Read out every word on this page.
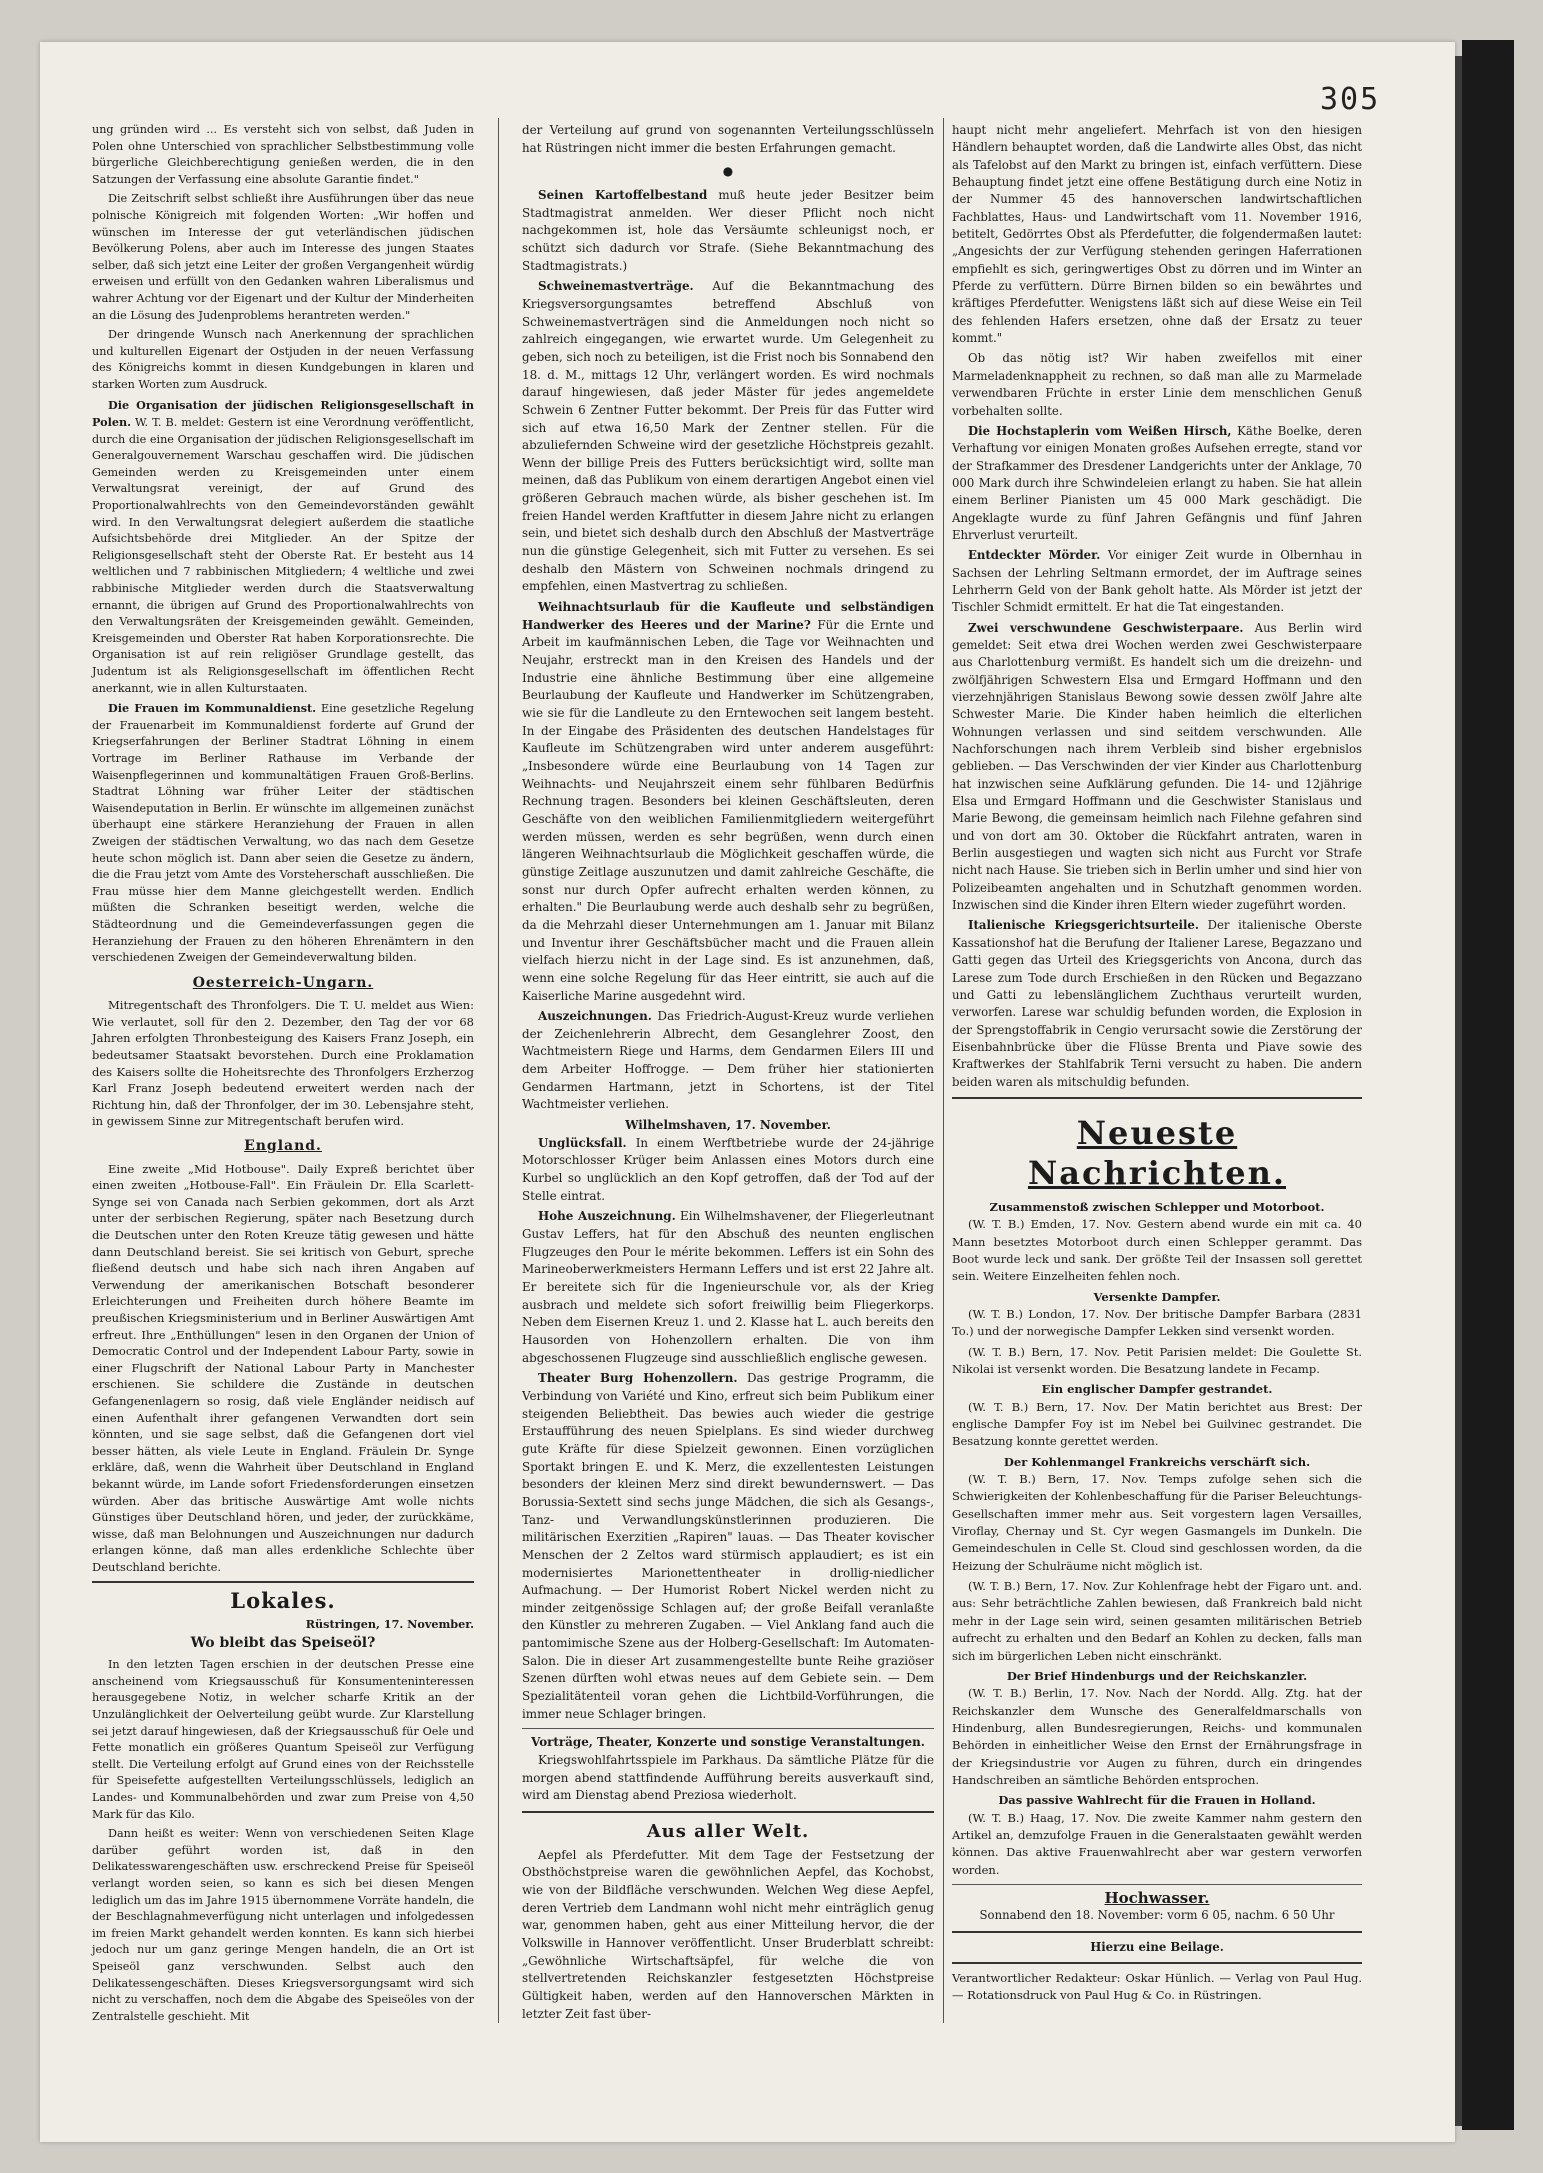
305

ung gründen wird ... Es versteht sich von selbst, daß Juden in Polen ohne Unterschied von sprachlicher Selbstbestimmung volle bürgerliche Gleichberechtigung genießen werden, die in den Satzungen der Verfassung eine absolute Garantie findet."

Die Zeitschrift selbst schließt ihre Ausführungen über das neue polnische Königreich mit folgenden Worten: „Wir hoffen und wünschen im Interesse der gut veterländischen jüdischen Bevölkerung Polens, aber auch im Interesse des jungen Staates selber, daß sich jetzt eine Leiter der großen Vergangenheit würdig erweisen und erfüllt von den Gedanken wahren Liberalismus und wahrer Achtung vor der Eigenart und der Kultur der Minderheiten an die Lösung des Judenproblems herantreten werden."

Der dringende Wunsch nach Anerkennung der sprachlichen und kulturellen Eigenart der Ostjuden in der neuen Verfassung des Königreichs kommt in diesen Kundgebungen in klaren und starken Worten zum Ausdruck.

Die Organisation der jüdischen Religionsgesellschaft in Polen. W. T. B. meldet: Gestern ist eine Verordnung veröffentlicht, durch die eine Organisation der jüdischen Religionsgesellschaft im Generalgouvernement Warschau geschaffen wird. Die jüdischen Gemeinden werden zu Kreisgemeinden unter einem Verwaltungsrat vereinigt, der auf Grund des Proportionalwahlrechts von den Gemeindevorständen gewählt wird. In den Verwaltungsrat delegiert außerdem die staatliche Aufsichtsbehörde drei Mitglieder. An der Spitze der Religionsgesellschaft steht der Oberste Rat. Er besteht aus 14 weltlichen und 7 rabbinischen Mitgliedern; 4 weltliche und zwei rabbinische Mitglieder werden durch die Staatsverwaltung ernannt, die übrigen auf Grund des Proportionalwahlrechts von den Verwaltungsräten der Kreisgemeinden gewählt. Gemeinden, Kreisgemeinden und Oberster Rat haben Korporationsrechte. Die Organisation ist auf rein religiöser Grundlage gestellt, das Judentum ist als Religionsgesellschaft im öffentlichen Recht anerkannt, wie in allen Kulturstaaten.

Die Frauen im Kommunaldienst. Eine gesetzliche Regelung der Frauenarbeit im Kommunaldienst forderte auf Grund der Kriegserfahrungen der Berliner Stadtrat Löhning in einem Vortrage im Berliner Rathause im Verbande der Waisenpflegerinnen und kommunaltätigen Frauen Groß-Berlins. Stadtrat Löhning war früher Leiter der städtischen Waisendeputation in Berlin. Er wünschte im allgemeinen zunächst überhaupt eine stärkere Heranziehung der Frauen in allen Zweigen der städtischen Verwaltung, wo das nach dem Gesetze heute schon möglich ist. Dann aber seien die Gesetze zu ändern, die die Frau jetzt vom Amte des Vorsteherschaft ausschließen. Die Frau müsse hier dem Manne gleichgestellt werden. Endlich müßten die Schranken beseitigt werden, welche die Städteordnung und die Gemeindeverfassungen gegen die Heranziehung der Frauen zu den höheren Ehrenämtern in den verschiedenen Zweigen der Gemeindeverwaltung bilden.

Oesterreich-Ungarn.

Mitregentschaft des Thronfolgers. Die T. U. meldet aus Wien: Wie verlautet, soll für den 2. Dezember, den Tag der vor 68 Jahren erfolgten Thronbesteigung des Kaisers Franz Joseph, ein bedeutsamer Staatsakt bevorstehen. Durch eine Proklamation des Kaisers sollte die Hoheitsrechte des Thronfolgers Erzherzog Karl Franz Joseph bedeutend erweitert werden nach der Richtung hin, daß der Thronfolger, der im 30. Lebensjahre steht, in gewissem Sinne zur Mitregentschaft berufen wird.

England.

Eine zweite „Mid Hotbouse". Daily Expreß berichtet über einen zweiten „Hotbouse-Fall". Ein Fräulein Dr. Ella Scarlett-Synge sei von Canada nach Serbien gekommen, dort als Arzt unter der serbischen Regierung, später nach Besetzung durch die Deutschen unter den Roten Kreuze tätig gewesen und hätte dann Deutschland bereist. Sie sei kritisch von Geburt, spreche fließend deutsch und habe sich nach ihren Angaben auf Verwendung der amerikanischen Botschaft besonderer Erleichterungen und Freiheiten durch höhere Beamte im preußischen Kriegsministerium und in Berliner Auswärtigen Amt erfreut. Ihre „Enthüllungen" lesen in den Organen der Union of Democratic Control und der Independent Labour Party, sowie in einer Flugschrift der National Labour Party in Manchester erschienen. Sie schildere die Zustände in deutschen Gefangenenlagern so rosig, daß viele Engländer neidisch auf einen Aufenthalt ihrer gefangenen Verwandten dort sein könnten, und sie sage selbst, daß die Gefangenen dort viel besser hätten, als viele Leute in England. Fräulein Dr. Synge erkläre, daß, wenn die Wahrheit über Deutschland in England bekannt würde, im Lande sofort Friedensforderungen einsetzen würden. Aber das britische Auswärtige Amt wolle nichts Günstiges über Deutschland hören, und jeder, der zurückkäme, wisse, daß man Belohnungen und Auszeichnungen nur dadurch erlangen könne, daß man alles erdenkliche Schlechte über Deutschland berichte.

Lokales.
Rüstringen, 17. November.
Wo bleibt das Speiseöl?

In den letzten Tagen erschien in der deutschen Presse eine anscheinend vom Kriegsausschuß für Konsumenteninteressen herausgegebene Notiz, in welcher scharfe Kritik an der Unzulänglichkeit der Oelverteilung geübt wurde. Zur Klarstellung sei jetzt darauf hingewiesen, daß der Kriegsausschuß für Oele und Fette monatlich ein größeres Quantum Speiseöl zur Verfügung stellt. Die Verteilung erfolgt auf Grund eines von der Reichsstelle für Speisefette aufgestellten Verteilungsschlüssels, lediglich an Landes- und Kommunalbehörden und zwar zum Preise von 4,50 Mark für das Kilo.

Dann heißt es weiter: Wenn von verschiedenen Seiten Klage darüber geführt worden ist, daß in den Delikatesswarengeschäften usw. erschreckend Preise für Speiseöl verlangt worden seien, so kann es sich bei diesen Mengen lediglich um das im Jahre 1915 übernommene Vorräte handeln, die der Beschlagnahmeverfügung nicht unterlagen und infolgedessen im freien Markt gehandelt werden konnten. Es kann sich hierbei jedoch nur um ganz geringe Mengen handeln, die an Ort ist Speiseöl ganz verschwunden. Selbst auch den Delikatessengeschäften. Dieses Kriegsversorgungsamt wird sich nicht zu verschaffen, noch dem die Abgabe des Speiseöles von der Zentralstelle geschieht. Mit

der Verteilung auf grund von sogenannten Verteilungsschlüsseln hat Rüstringen nicht immer die besten Erfahrungen gemacht.

●

Seinen Kartoffelbestand muß heute jeder Besitzer beim Stadtmagistrat anmelden. Wer dieser Pflicht noch nicht nachgekommen ist, hole das Versäumte schleunigst noch, er schützt sich dadurch vor Strafe. (Siehe Bekanntmachung des Stadtmagistrats.)

Schweinemastverträge. Auf die Bekanntmachung des Kriegsversorgungsamtes betreffend Abschluß von Schweinemastverträgen sind die Anmeldungen noch nicht so zahlreich eingegangen, wie erwartet wurde. Um Gelegenheit zu geben, sich noch zu beteiligen, ist die Frist noch bis Sonnabend den 18. d. M., mittags 12 Uhr, verlängert worden. Es wird nochmals darauf hingewiesen, daß jeder Mäster für jedes angemeldete Schwein 6 Zentner Futter bekommt. Der Preis für das Futter wird sich auf etwa 16,50 Mark der Zentner stellen. Für die abzuliefernden Schweine wird der gesetzliche Höchstpreis gezahlt. Wenn der billige Preis des Futters berücksichtigt wird, sollte man meinen, daß das Publikum von einem derartigen Angebot einen viel größeren Gebrauch machen würde, als bisher geschehen ist. Im freien Handel werden Kraftfutter in diesem Jahre nicht zu erlangen sein, und bietet sich deshalb durch den Abschluß der Mastverträge nun die günstige Gelegenheit, sich mit Futter zu versehen. Es sei deshalb den Mästern von Schweinen nochmals dringend zu empfehlen, einen Mastvertrag zu schließen.

Weihnachtsurlaub für die Kaufleute und selbständigen Handwerker des Heeres und der Marine? Für die Ernte und Arbeit im kaufmännischen Leben, die Tage vor Weihnachten und Neujahr, erstreckt man in den Kreisen des Handels und der Industrie eine ähnliche Bestimmung über eine allgemeine Beurlaubung der Kaufleute und Handwerker im Schützengraben, wie sie für die Landleute zu den Erntewochen seit langem besteht. In der Eingabe des Präsidenten des deutschen Handelstages für Kaufleute im Schützengraben wird unter anderem ausgeführt: „Insbesondere würde eine Beurlaubung von 14 Tagen zur Weihnachts- und Neujahrszeit einem sehr fühlbaren Bedürfnis Rechnung tragen. Besonders bei kleinen Geschäftsleuten, deren Geschäfte von den weiblichen Familienmitgliedern weitergeführt werden müssen, werden es sehr begrüßen, wenn durch einen längeren Weihnachtsurlaub die Möglichkeit geschaffen würde, die günstige Zeitlage auszunutzen und damit zahlreiche Geschäfte, die sonst nur durch Opfer aufrecht erhalten werden können, zu erhalten." Die Beurlaubung werde auch deshalb sehr zu begrüßen, da die Mehrzahl dieser Unternehmungen am 1. Januar mit Bilanz und Inventur ihrer Geschäftsbücher macht und die Frauen allein vielfach hierzu nicht in der Lage sind. Es ist anzunehmen, daß, wenn eine solche Regelung für das Heer eintritt, sie auch auf die Kaiserliche Marine ausgedehnt wird.

Auszeichnungen. Das Friedrich-August-Kreuz wurde verliehen der Zeichenlehrerin Albrecht, dem Gesanglehrer Zoost, den Wachtmeistern Riege und Harms, dem Gendarmen Eilers III und dem Arbeiter Hoffrogge. — Dem früher hier stationierten Gendarmen Hartmann, jetzt in Schortens, ist der Titel Wachtmeister verliehen.

Wilhelmshaven, 17. November.

Unglücksfall. In einem Werftbetriebe wurde der 24-jährige Motorschlosser Krüger beim Anlassen eines Motors durch eine Kurbel so unglücklich an den Kopf getroffen, daß der Tod auf der Stelle eintrat.

Hohe Auszeichnung. Ein Wilhelmshavener, der Fliegerleutnant Gustav Leffers, hat für den Abschuß des neunten englischen Flugzeuges den Pour le mérite bekommen. Leffers ist ein Sohn des Marineoberwerkmeisters Hermann Leffers und ist erst 22 Jahre alt. Er bereitete sich für die Ingenieurschule vor, als der Krieg ausbrach und meldete sich sofort freiwillig beim Fliegerkorps. Neben dem Eisernen Kreuz 1. und 2. Klasse hat L. auch bereits den Hausorden von Hohenzollern erhalten. Die von ihm abgeschossenen Flugzeuge sind ausschließlich englische gewesen.

Theater Burg Hohenzollern. Das gestrige Programm, die Verbindung von Variété und Kino, erfreut sich beim Publikum einer steigenden Beliebtheit. Das bewies auch wieder die gestrige Erstaufführung des neuen Spielplans. Es sind wieder durchweg gute Kräfte für diese Spielzeit gewonnen. Einen vorzüglichen Sportakt bringen E. und K. Merz, die exzellentesten Leistungen besonders der kleinen Merz sind direkt bewundernswert. — Das Borussia-Sextett sind sechs junge Mädchen, die sich als Gesangs-, Tanz- und Verwandlungskünstlerinnen produzieren. Die militärischen Exerzitien „Rapiren" lauas. — Das Theater kovischer Menschen der 2 Zeltos ward stürmisch applaudiert; es ist ein modernisiertes Marionettentheater in drollig-niedlicher Aufmachung. — Der Humorist Robert Nickel werden nicht zu minder zeitgenössige Schlagen auf; der große Beifall veranlaßte den Künstler zu mehreren Zugaben. — Viel Anklang fand auch die pantomimische Szene aus der Holberg-Gesellschaft: Im Automaten-Salon. Die in dieser Art zusammengestellte bunte Reihe graziöser Szenen dürften wohl etwas neues auf dem Gebiete sein. — Dem Spezialitätenteil voran gehen die Lichtbild-Vorführungen, die immer neue Schlager bringen.

Vorträge, Theater, Konzerte und sonstige Veranstaltungen.

Kriegswohlfahrtsspiele im Parkhaus. Da sämtliche Plätze für die morgen abend stattfindende Aufführung bereits ausverkauft sind, wird am Dienstag abend Preziosa wiederholt.

Aus aller Welt.

Aepfel als Pferdefutter. Mit dem Tage der Festsetzung der Obsthöchstpreise waren die gewöhnlichen Aepfel, das Kochobst, wie von der Bildfläche verschwunden. Welchen Weg diese Aepfel, deren Vertrieb dem Landmann wohl nicht mehr einträglich genug war, genommen haben, geht aus einer Mitteilung hervor, die der Volkswille in Hannover veröffentlicht. Unser Bruderblatt schreibt: „Gewöhnliche Wirtschaftsäpfel, für welche die von stellvertretenden Reichskanzler festgesetzten Höchstpreise Gültigkeit haben, werden auf den Hannoverschen Märkten in letzter Zeit fast über-

haupt nicht mehr angeliefert. Mehrfach ist von den hiesigen Händlern behauptet worden, daß die Landwirte alles Obst, das nicht als Tafelobst auf den Markt zu bringen ist, einfach verfüttern. Diese Behauptung findet jetzt eine offene Bestätigung durch eine Notiz in der Nummer 45 des hannoverschen landwirtschaftlichen Fachblattes, Haus- und Landwirtschaft vom 11. November 1916, betitelt, Gedörrtes Obst als Pferdefutter, die folgendermaßen lautet: „Angesichts der zur Verfügung stehenden geringen Haferrationen empfiehlt es sich, geringwertiges Obst zu dörren und im Winter an Pferde zu verfüttern. Dürre Birnen bilden so ein bewährtes und kräftiges Pferdefutter. Wenigstens läßt sich auf diese Weise ein Teil des fehlenden Hafers ersetzen, ohne daß der Ersatz zu teuer kommt."

Ob das nötig ist? Wir haben zweifellos mit einer Marmeladenknappheit zu rechnen, so daß man alle zu Marmelade verwendbaren Früchte in erster Linie dem menschlichen Genuß vorbehalten sollte.

Die Hochstaplerin vom Weißen Hirsch, Käthe Boelke, deren Verhaftung vor einigen Monaten großes Aufsehen erregte, stand vor der Strafkammer des Dresdener Landgerichts unter der Anklage, 70 000 Mark durch ihre Schwindeleien erlangt zu haben. Sie hat allein einem Berliner Pianisten um 45 000 Mark geschädigt. Die Angeklagte wurde zu fünf Jahren Gefängnis und fünf Jahren Ehrverlust verurteilt.

Entdeckter Mörder. Vor einiger Zeit wurde in Olbernhau in Sachsen der Lehrling Seltmann ermordet, der im Auftrage seines Lehrherrn Geld von der Bank geholt hatte. Als Mörder ist jetzt der Tischler Schmidt ermittelt. Er hat die Tat eingestanden.

Zwei verschwundene Geschwisterpaare. Aus Berlin wird gemeldet: Seit etwa drei Wochen werden zwei Geschwisterpaare aus Charlottenburg vermißt. Es handelt sich um die dreizehn- und zwölfjährigen Schwestern Elsa und Ermgard Hoffmann und den vierzehnjährigen Stanislaus Bewong sowie dessen zwölf Jahre alte Schwester Marie. Die Kinder haben heimlich die elterlichen Wohnungen verlassen und sind seitdem verschwunden. Alle Nachforschungen nach ihrem Verbleib sind bisher ergebnislos geblieben. — Das Verschwinden der vier Kinder aus Charlottenburg hat inzwischen seine Aufklärung gefunden. Die 14- und 12jährige Elsa und Ermgard Hoffmann und die Geschwister Stanislaus und Marie Bewong, die gemeinsam heimlich nach Filehne gefahren sind und von dort am 30. Oktober die Rückfahrt antraten, waren in Berlin ausgestiegen und wagten sich nicht aus Furcht vor Strafe nicht nach Hause. Sie trieben sich in Berlin umher und sind hier von Polizeibeamten angehalten und in Schutzhaft genommen worden. Inzwischen sind die Kinder ihren Eltern wieder zugeführt worden.

Italienische Kriegsgerichtsurteile. Der italienische Oberste Kassationshof hat die Berufung der Italiener Larese, Begazzano und Gatti gegen das Urteil des Kriegsgerichts von Ancona, durch das Larese zum Tode durch Erschießen in den Rücken und Begazzano und Gatti zu lebenslänglichem Zuchthaus verurteilt wurden, verworfen. Larese war schuldig befunden worden, die Explosion in der Sprengstoffabrik in Cengio verursacht sowie die Zerstörung der Eisenbahnbrücke über die Flüsse Brenta und Piave sowie des Kraftwerkes der Stahlfabrik Terni versucht zu haben. Die andern beiden waren als mitschuldig befunden.

Neueste Nachrichten.
Zusammenstoß zwischen Schlepper und Motorboot.

(W. T. B.) Emden, 17. Nov. Gestern abend wurde ein mit ca. 40 Mann besetztes Motorboot durch einen Schlepper gerammt. Das Boot wurde leck und sank. Der größte Teil der Insassen soll gerettet sein. Weitere Einzelheiten fehlen noch.

Versenkte Dampfer.

(W. T. B.) London, 17. Nov. Der britische Dampfer Barbara (2831 To.) und der norwegische Dampfer Lekken sind versenkt worden.

(W. T. B.) Bern, 17. Nov. Petit Parisien meldet: Die Goulette St. Nikolai ist versenkt worden. Die Besatzung landete in Fecamp.

Ein englischer Dampfer gestrandet.

(W. T. B.) Bern, 17. Nov. Der Matin berichtet aus Brest: Der englische Dampfer Foy ist im Nebel bei Guilvinec gestrandet. Die Besatzung konnte gerettet werden.

Der Kohlenmangel Frankreichs verschärft sich.

(W. T. B.) Bern, 17. Nov. Temps zufolge sehen sich die Schwierigkeiten der Kohlenbeschaffung für die Pariser Beleuchtungs-Gesellschaften immer mehr aus. Seit vorgestern lagen Versailles, Viroflay, Chernay und St. Cyr wegen Gasmangels im Dunkeln. Die Gemeindeschulen in Celle St. Cloud sind geschlossen worden, da die Heizung der Schulräume nicht möglich ist.

(W. T. B.) Bern, 17. Nov. Zur Kohlenfrage hebt der Figaro unt. and. aus: Sehr beträchtliche Zahlen bewiesen, daß Frankreich bald nicht mehr in der Lage sein wird, seinen gesamten militärischen Betrieb aufrecht zu erhalten und den Bedarf an Kohlen zu decken, falls man sich im bürgerlichen Leben nicht einschränkt.

Der Brief Hindenburgs und der Reichskanzler.

(W. T. B.) Berlin, 17. Nov. Nach der Nordd. Allg. Ztg. hat der Reichskanzler dem Wunsche des Generalfeldmarschalls von Hindenburg, allen Bundesregierungen, Reichs- und kommunalen Behörden in einheitlicher Weise den Ernst der Ernährungsfrage in der Kriegsindustrie vor Augen zu führen, durch ein dringendes Handschreiben an sämtliche Behörden entsprochen.

Das passive Wahlrecht für die Frauen in Holland.

(W. T. B.) Haag, 17. Nov. Die zweite Kammer nahm gestern den Artikel an, demzufolge Frauen in die Generalstaaten gewählt werden können. Das aktive Frauenwahlrecht aber war gestern verworfen worden.

Hochwasser.
Sonnabend den 18. November: vorm 6 05, nachm. 6 50 Uhr
Hierzu eine Beilage.

Verantwortlicher Redakteur: Oskar Hünlich. — Verlag von Paul Hug. — Rotationsdruck von Paul Hug & Co. in Rüstringen.
